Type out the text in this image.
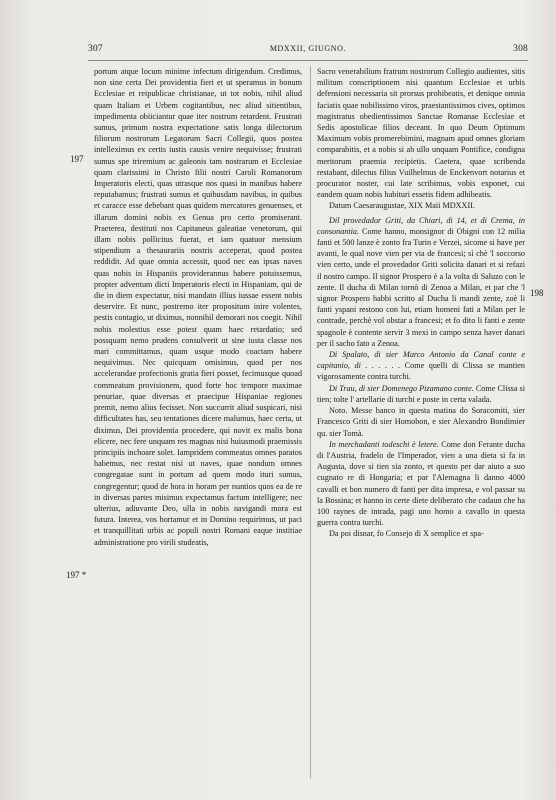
307	MDXXII, GIUGNO.	308
197
197 *
198

portum atque locum minime infectum dirigendum. Credimus, non sine certa Dei providentia fieri et ut speramus in bonum Ecclesiae et reipublicae christianae, ut tot nobis, nihil aliud quam Italiam et Urbem cogitantibus, nec aliud sitientibus, impedimenta obiiciantur quae iter nostrum retardent. Frustrati sumus, primum nostra expectatione satis longa dilectorum filiorum nostrorum Legatorum Sacri Collegii, quos postea intelleximus ex certis iustis causis venire nequivisse; frustrati sumus spe triremium ac galeonis tam nostrarum et Ecclesiae quam clarissimi in Christo filii nostri Caroli Romanorum Imperatoris electi, quas utrasque nos quasi in manibus habere reputabamus; frustrati sumus et quibusdam navibus, in quibus et caracce esse debebant quas quidem mercatores genuenses, et illarum domini nobis ex Genua pro certo promiserant. Praeterea, destituti nos Capitaneus galeatiae venetorum, qui illam nobis pollicitus fuerat, et iam quatuor mensium stipendium a thesaurariis nostris acceperat, quod postea reddidit. Ad quae omnia accessit, quod nec eas ipsas naves quas nobis in Hispaniis providerannus habere potuissemus, propter adventum dicti Imperatoris electi in Hispaniam, qui de die in diem expectatur, nisi mandato illius iussae essent nobis deservire. Et nunc, postremo iter propositum inire volentes, pestis contagio, ut diximus, nonnihil demorari nos coegit. Nihil nobis molestius esse potest quam haec retardatio; sed possquam nemo prudens consulverit ut sine iusta classe nos mari committamus, quam usque modo coactam habere nequivimus. Nec quicquam omisimus, quod per nos accelerandae profectionis gratia fieri posset, fecimusque quoad commeatum provisionem, quod forte hoc tempore maximae penuriae, quae diversas et praecipue Hispaniae regiones premit, nemo alius fecisset. Non succurrit aliud suspicari, nisi difficultates has, seu tentationes dicere malumus, haec certa, ut diximus, Dei providentia procedere, qui novit ex malis bona elicere, nec fere unquam res magnas nisi huiusmodi praemissis principiis inchoare solet. Iampridem commeatus omnes paratos habemus, nec restat nisi ut naves, quae nondum omnes congregatae sunt in portum ad quem modo ituri sumus, congregentur; quod de hora in horam per nuntios quos ea de re in diversas partes misimus expectamus factum intelligere; nec ulterius, adiuvante Deo, ulla in nobis navigandi mora est futura. Interea, vos hortamur et in Domino requirimus, ut paci et tranquillitati urbis ac populi nostri Romani eaque institiae administratione pro virili studeatis,

Sacro venerabilium fratrum nostrorum Collegio audientes, sitis militum conscriptionem nisi quantum Ecclesiae et urbis defensioni necessaria sit prorsus prohibeatis, et denique omnia faciatis quae nobilissimo viros, praestantissimos cives, optimos magistratus obedientissimos Sanctae Romanae Ecclesiae et Sedis apostolicae filios deceant. In quo Deum Optimum Maximum vobis promerebimini, magnam apud omnes gloriam comparabitis, et a nobis si ab ullo unquam Pontifice, condigna meritorum praemia recipietis. Caetera, quae scribenda restabant, dilectus filius Vuilhelmus de Enckenvort notarius et procurator noster, cui late scribimus, vobis exponet, cui eandem quam nobis habituri essetis fidem adhibeatis.

Datum Caesaraugustae, XIX Maii MDXXII.

Dil provedador Griti, da Chiari, di 14, et di Crema, in consonantia. Come hanno, monsignor di Obigni con 12 milia fanti et 500 lanze è zonto fra Turin e Verzei, sicome si have per avanti, le qual nove vien per via de francesi; sì chè 'l soccorso vien certo, unde el provedador Griti solicita danari et si refazi il nostro campo. Il signor Prospero è a la volta di Saluzo con le zente. Il ducha di Milan tornò di Zenoa a Milan, et par che 'l signor Prospero habbi scritto al Ducha li mandi zente, zoè li fanti yspani restono con lui, etiam homeni fati a Milan per le contrade, perchè vol obstar a francesi; et fo dito li fanti e zente spagnole è contente servir 3 mexi in campo senza haver danari per il sacho fato a Zenoa.

Di Spalato, di sier Marco Antonio da Canal conte e capitanio, di . . . . . . Come quelli di Clissa se mantien vigorosamente contra turchi.

Di Trau, di sier Domenego Pizamano conte. Come Clissa si tien; tolte l' artellarie di turchi e poste in certa valada.

Noto. Messe banco in questa matina do Soracomiti, sier Francesco Griti di sier Homobon, e sier Alexandro Bondimier qu. sier Tomà.

In merchadanti todeschi è letere. Come don Ferante ducha di l'Austria, fradelo de l'Imperador, vien a una dieta si fa in Augusta, dove si tien sia zonto, et questo per dar aiuto a suo cugnato re di Hongaria; et par l'Alemagna li danno 4000 cavalli et bon numero di fanti per dita impresa, e vol passar su la Bossina; et hanno in certe diete deliberato che cadaun che ha 100 raynes de intrada, pagi uno homo a cavallo in questa guerra contra turchi.

Da poi disnar, fo Consejo di X semplice et spa-
